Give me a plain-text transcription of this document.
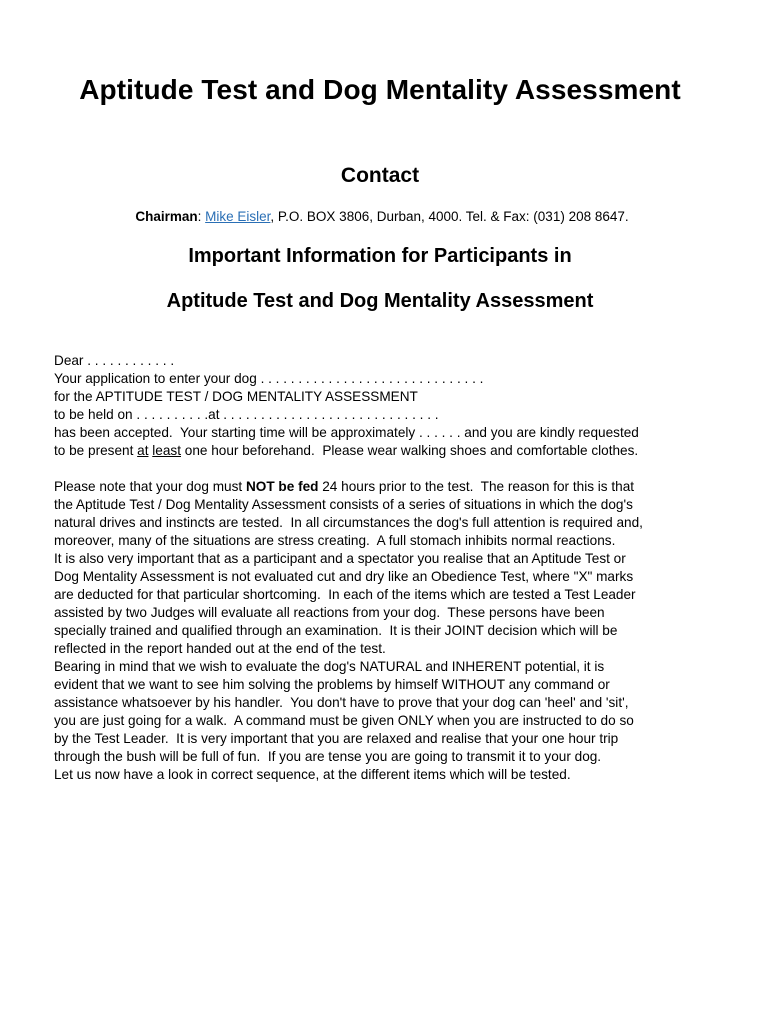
Aptitude Test and Dog Mentality Assessment
Contact
Chairman: Mike Eisler, P.O. BOX 3806, Durban, 4000. Tel. & Fax: (031) 208 8647.
Important Information for Participants in
Aptitude Test and Dog Mentality Assessment

Dear . . . . . . . . . . . .

Your application to enter your dog . . . . . . . . . . . . . . . . . . . . . . . . . . . . . .

for the APTITUDE TEST / DOG MENTALITY ASSESSMENT

to be held on . . . . . . . . . .at . . . . . . . . . . . . . . . . . . . . . . . . . . . . .

has been accepted.  Your starting time will be approximately . . . . . . and you are kindly requested

to be present at least one hour beforehand.  Please wear walking shoes and comfortable clothes.

Please note that your dog must NOT be fed 24 hours prior to the test.  The reason for this is that

the Aptitude Test / Dog Mentality Assessment consists of a series of situations in which the dog's

natural drives and instincts are tested.  In all circumstances the dog's full attention is required and,

moreover, many of the situations are stress creating.  A full stomach inhibits normal reactions.

It is also very important that as a participant and a spectator you realise that an Aptitude Test or

Dog Mentality Assessment is not evaluated cut and dry like an Obedience Test, where "X" marks

are deducted for that particular shortcoming.  In each of the items which are tested a Test Leader

assisted by two Judges will evaluate all reactions from your dog.  These persons have been

specially trained and qualified through an examination.  It is their JOINT decision which will be

reflected in the report handed out at the end of the test.

Bearing in mind that we wish to evaluate the dog's NATURAL and INHERENT potential, it is

evident that we want to see him solving the problems by himself WITHOUT any command or

assistance whatsoever by his handler.  You don't have to prove that your dog can 'heel' and 'sit',

you are just going for a walk.  A command must be given ONLY when you are instructed to do so

by the Test Leader.  It is very important that you are relaxed and realise that your one hour trip

through the bush will be full of fun.  If you are tense you are going to transmit it to your dog.

Let us now have a look in correct sequence, at the different items which will be tested.
